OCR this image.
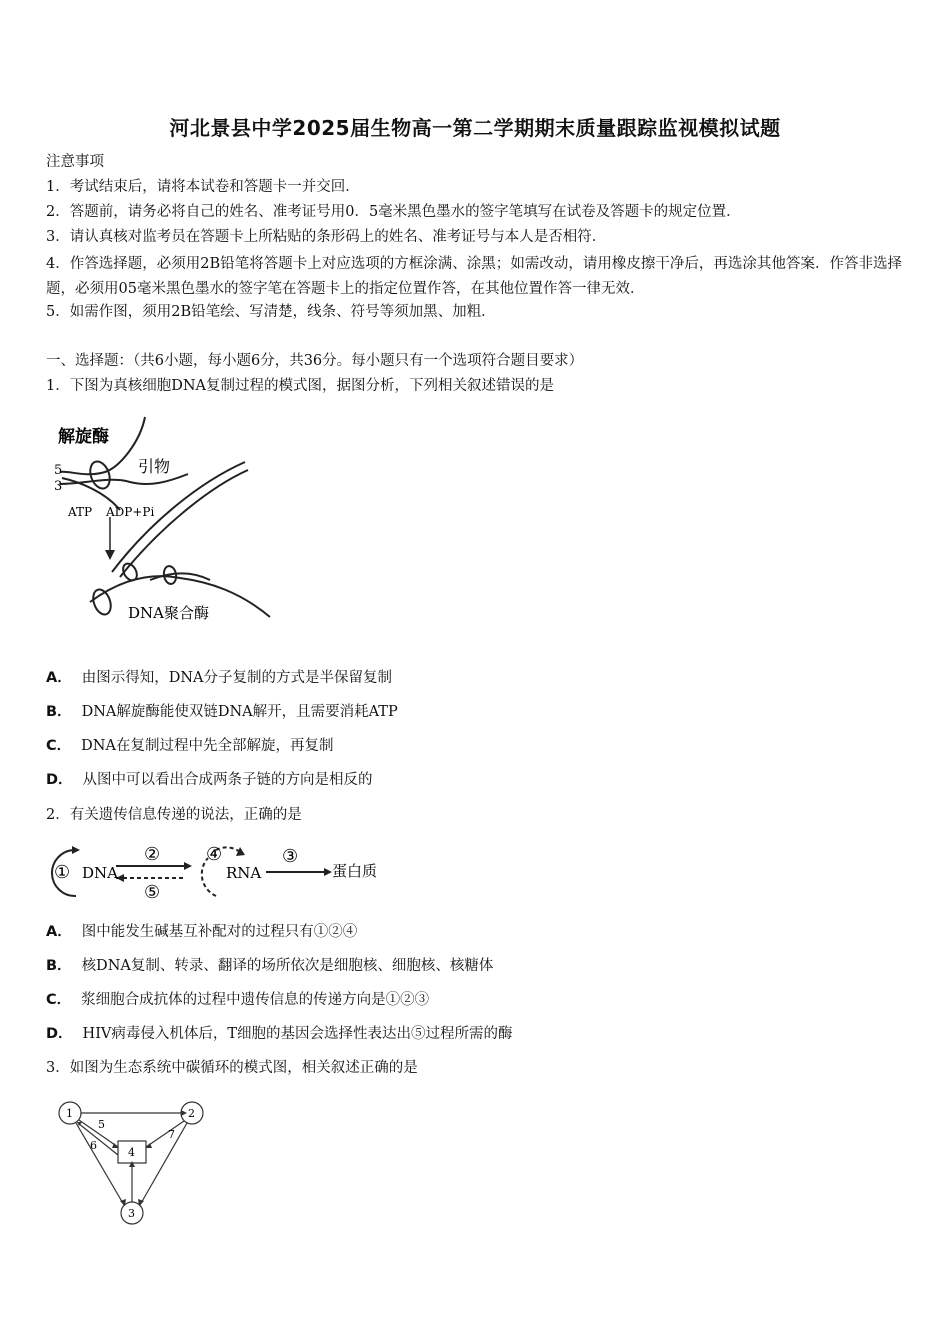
河北景县中学2025届生物高一第二学期期末质量跟踪监视模拟试题
注意事项
1．考试结束后，请将本试卷和答题卡一并交回．
2．答题前，请务必将自己的姓名、准考证号用0．5毫米黑色墨水的签字笔填写在试卷及答题卡的规定位置．
3．请认真核对监考员在答题卡上所粘贴的条形码上的姓名、准考证号与本人是否相符．
4．作答选择题，必须用2B铅笔将答题卡上对应选项的方框涂满、涂黑；如需改动，请用橡皮擦干净后，再选涂其他答案．作答非选择题，必须用05毫米黑色墨水的签字笔在答题卡上的指定位置作答，在其他位置作答一律无效．
5．如需作图，须用2B铅笔绘、写清楚，线条、符号等须加黑、加粗．
一、选择题：（共6小题，每小题6分，共36分。每小题只有一个选项符合题目要求）
1．下图为真核细胞DNA复制过程的模式图，据图分析，下列相关叙述错误的是
解旋酶
引物
5
3
ATP ADP+Pi
DNA聚合酶
A． 由图示得知，DNA分子复制的方式是半保留复制
B． DNA解旋酶能使双链DNA解开，且需要消耗ATP
C． DNA在复制过程中先全部解旋，再复制
D． 从图中可以看出合成两条子链的方向是相反的
2．有关遗传信息传递的说法，正确的是
① DNA
②
⑤
④
RNA
③
蛋白质
A． 图中能发生碱基互补配对的过程只有①②④
B． 核DNA复制、转录、翻译的场所依次是细胞核、细胞核、核糖体
C． 浆细胞合成抗体的过程中遗传信息的传递方向是①②③
D． HIV病毒侵入机体后，T细胞的基因会选择性表达出⑤过程所需的酶
3．如图为生态系统中碳循环的模式图，相关叙述正确的是
1	2
3
4
5
6
7
